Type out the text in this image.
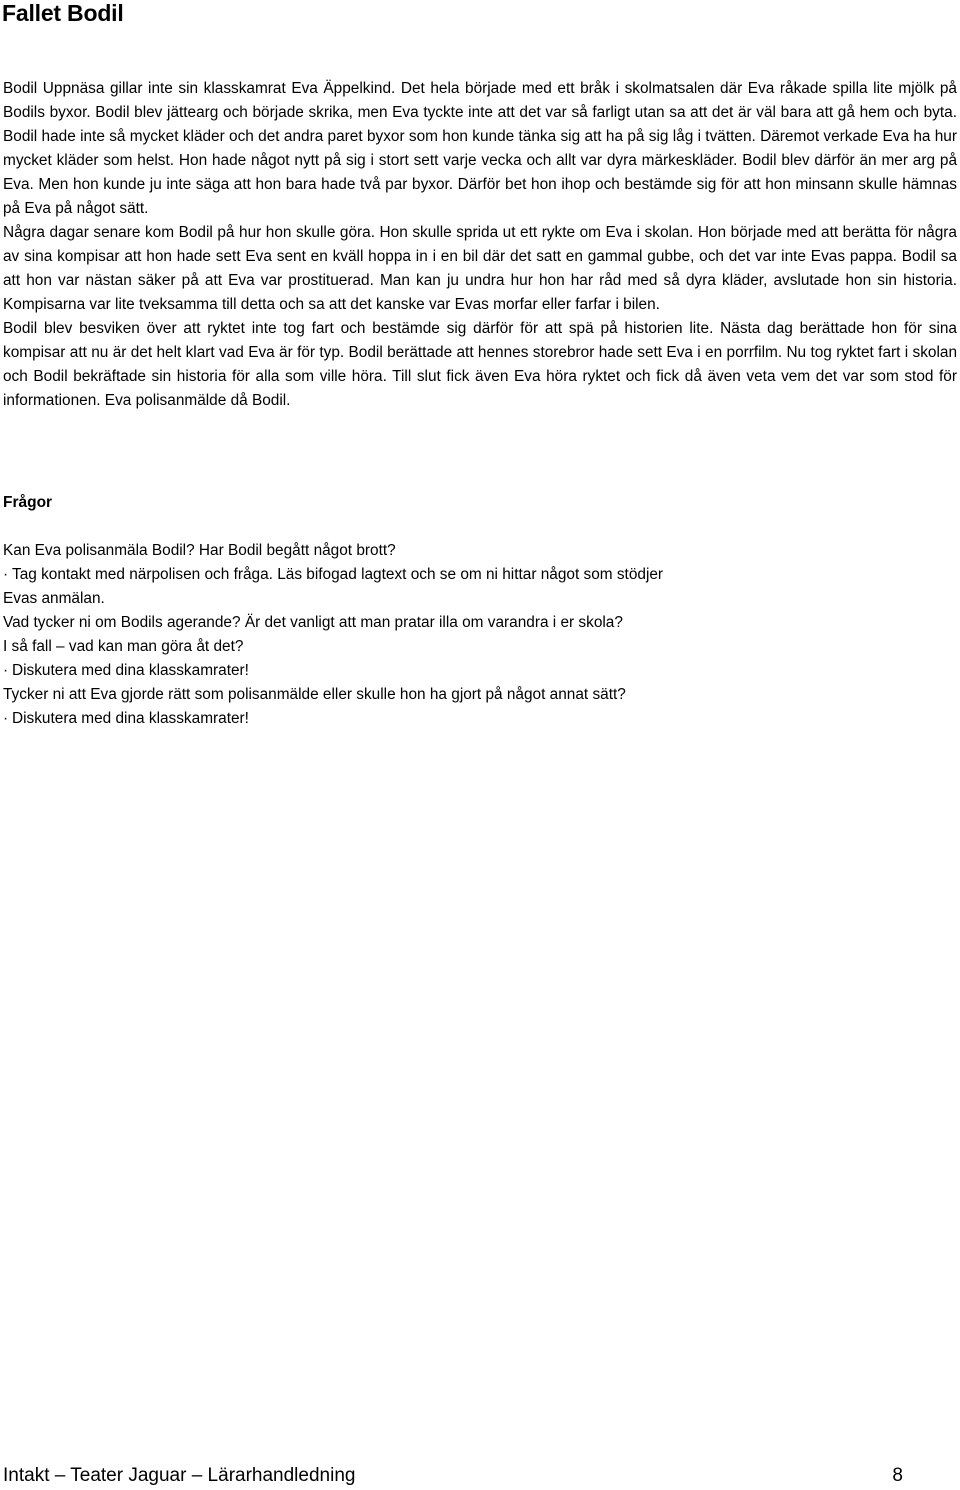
Fallet Bodil

Bodil Uppnäsa gillar inte sin klasskamrat Eva Äppelkind. Det hela började med ett bråk i skolmatsalen där Eva råkade spilla lite mjölk på Bodils byxor. Bodil blev jättearg och började skrika, men Eva tyckte inte att det var så farligt utan sa att det är väl bara att gå hem och byta. Bodil hade inte så mycket kläder och det andra paret byxor som hon kunde tänka sig att ha på sig låg i tvätten. Däremot verkade Eva ha hur mycket kläder som helst. Hon hade något nytt på sig i stort sett varje vecka och allt var dyra märkeskläder. Bodil blev därför än mer arg på Eva. Men hon kunde ju inte säga att hon bara hade två par byxor. Därför bet hon ihop och bestämde sig för att hon minsann skulle hämnas på Eva på något sätt.

Några dagar senare kom Bodil på hur hon skulle göra. Hon skulle sprida ut ett rykte om Eva i skolan. Hon började med att berätta för några av sina kompisar att hon hade sett Eva sent en kväll hoppa in i en bil där det satt en gammal gubbe, och det var inte Evas pappa. Bodil sa att hon var nästan säker på att Eva var prostituerad. Man kan ju undra hur hon har råd med så dyra kläder, avslutade hon sin historia. Kompisarna var lite tveksamma till detta och sa att det kanske var Evas morfar eller farfar i bilen.

Bodil blev besviken över att ryktet inte tog fart och bestämde sig därför för att spä på historien lite. Nästa dag berättade hon för sina kompisar att nu är det helt klart vad Eva är för typ. Bodil berättade att hennes storebror hade sett Eva i en porrfilm. Nu tog ryktet fart i skolan och Bodil bekräftade sin historia för alla som ville höra. Till slut fick även Eva höra ryktet och fick då även veta vem det var som stod för informationen. Eva polisanmälde då Bodil.

Frågor

Kan Eva polisanmäla Bodil? Har Bodil begått något brott?

· Tag kontakt med närpolisen och fråga. Läs bifogad lagtext och se om ni hittar något som stödjer

Evas anmälan.

Vad tycker ni om Bodils agerande? Är det vanligt att man pratar illa om varandra i er skola?

I så fall – vad kan man göra åt det?

· Diskutera med dina klasskamrater!

Tycker ni att Eva gjorde rätt som polisanmälde eller skulle hon ha gjort på något annat sätt?

· Diskutera med dina klasskamrater!

Intakt – Teater Jaguar – Lärarhandledning	8
